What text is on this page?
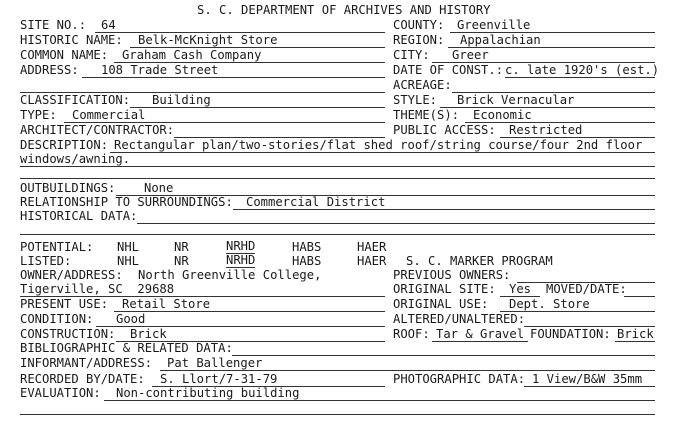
S. C. DEPARTMENT OF ARCHIVES AND HISTORY
SITE NO.: 64	COUNTY: Greenville
HISTORIC NAME: Belk-McKnight Store	REGION: Appalachian
COMMON NAME: Graham Cash Company	CITY: Greer
ADDRESS: 108 Trade Street	DATE OF CONST.: c. late 1920's (est.)
ACREAGE:
CLASSIFICATION: Building	STYLE: Brick Vernacular
TYPE: Commercial	THEME(S): Economic
ARCHITECT/CONTRACTOR:	PUBLIC ACCESS: Restricted
DESCRIPTION: Rectangular plan/two-stories/flat shed roof/string course/four 2nd floor
windows/awning.
OUTBUILDINGS: None
RELATIONSHIP TO SURROUNDINGS: Commercial District
HISTORICAL DATA:
POTENTIAL: NHL	NR	NRHD	HABS	HAER
LISTED:	NHL	NR	NRHD	HABS	HAER S. C. MARKER PROGRAM
OWNER/ADDRESS: North Greenville College,	PREVIOUS OWNERS:
Tigerville, SC  29688	ORIGINAL SITE: Yes MOVED/DATE:
PRESENT USE: Retail Store	ORIGINAL USE: Dept. Store
CONDITION: Good	ALTERED/UNALTERED:
CONSTRUCTION: Brick	ROOF: Tar & Gravel FOUNDATION: Brick
BIBLIOGRAPHIC & RELATED DATA:
INFORMANT/ADDRESS: Pat Ballenger
RECORDED BY/DATE: S. Llort/7-31-79	PHOTOGRAPHIC DATA: 1 View/B&W 35mm
EVALUATION: Non-contributing building
